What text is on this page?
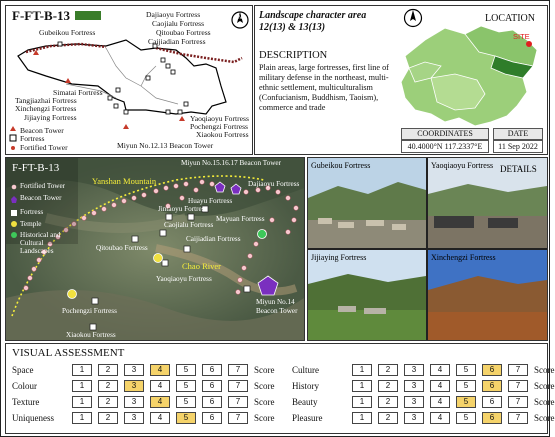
F-FT-B-13	N
Gubeikou Fortress
Dajiaoyu Fortress
Caojialu Fortress
Qitoubao Fortress
Caijiadian Fortress
Simatai Fortress
Tangjiazhai Fortress
Xinchengzi Fortress
Jijiaying Fortress	Yaoqiaoyu Fortress
Pochengzi Fortress
Xiaokou Fortress
Miyun No.12.13 Beacon Tower
Beacon Tower
Fortress
Fortified Tower
Landscape character area
12(13) & 13(13)
LOCATION
SITE
DESCRIPTION
Plain areas, large fortresses, first line of military defense in the northeast, multi-ethnic settlement, multiculturalism (Confucianism, Buddhism, Taoism), commerce and trade
COORDINATES
40.4000°N 117.2337°E
DATE
11 Sep 2022
F-FT-B-13
Fortified Tower
Beacon Tower
Fortress
Temple
Historical and Cultural Landscapes
Yanshan Mountain
Chao River
Miyun No.15.16.17 Beacon Tower
Dajiaoyu Fortress
Huayu Fortress
Jintaoyu Fortress
Qitoubao Fortress
Caojialu Fortress
Mayuan Fortress
Caijiadian Fortress
Yaoqiaoyu Fortress
Pochengzi Fortress
Xiaokou Fortress
Miyun No.14 Beacon Tower
Gubeikou Fortress	Yaoqiaoyu Fortress DETAILS
Jijiaying Fortress	Xinchengzi Fortress
VISUAL ASSESSMENT
Space	1	2	3	4	5	6	7	Score
Colour	1	2	3	4	5	6	7	Score
Texture	1	2	3	4	5	6	7	Score
Uniqueness	1	2	3	4	5	6	7	Score
Culture	1	2	3	4	5	6	7	Score
History	1	2	3	4	5	6	7	Score
Beauty	1	2	3	4	5	6	7	Score
Pleasure	1	2	3	4	5	6	7	Score
